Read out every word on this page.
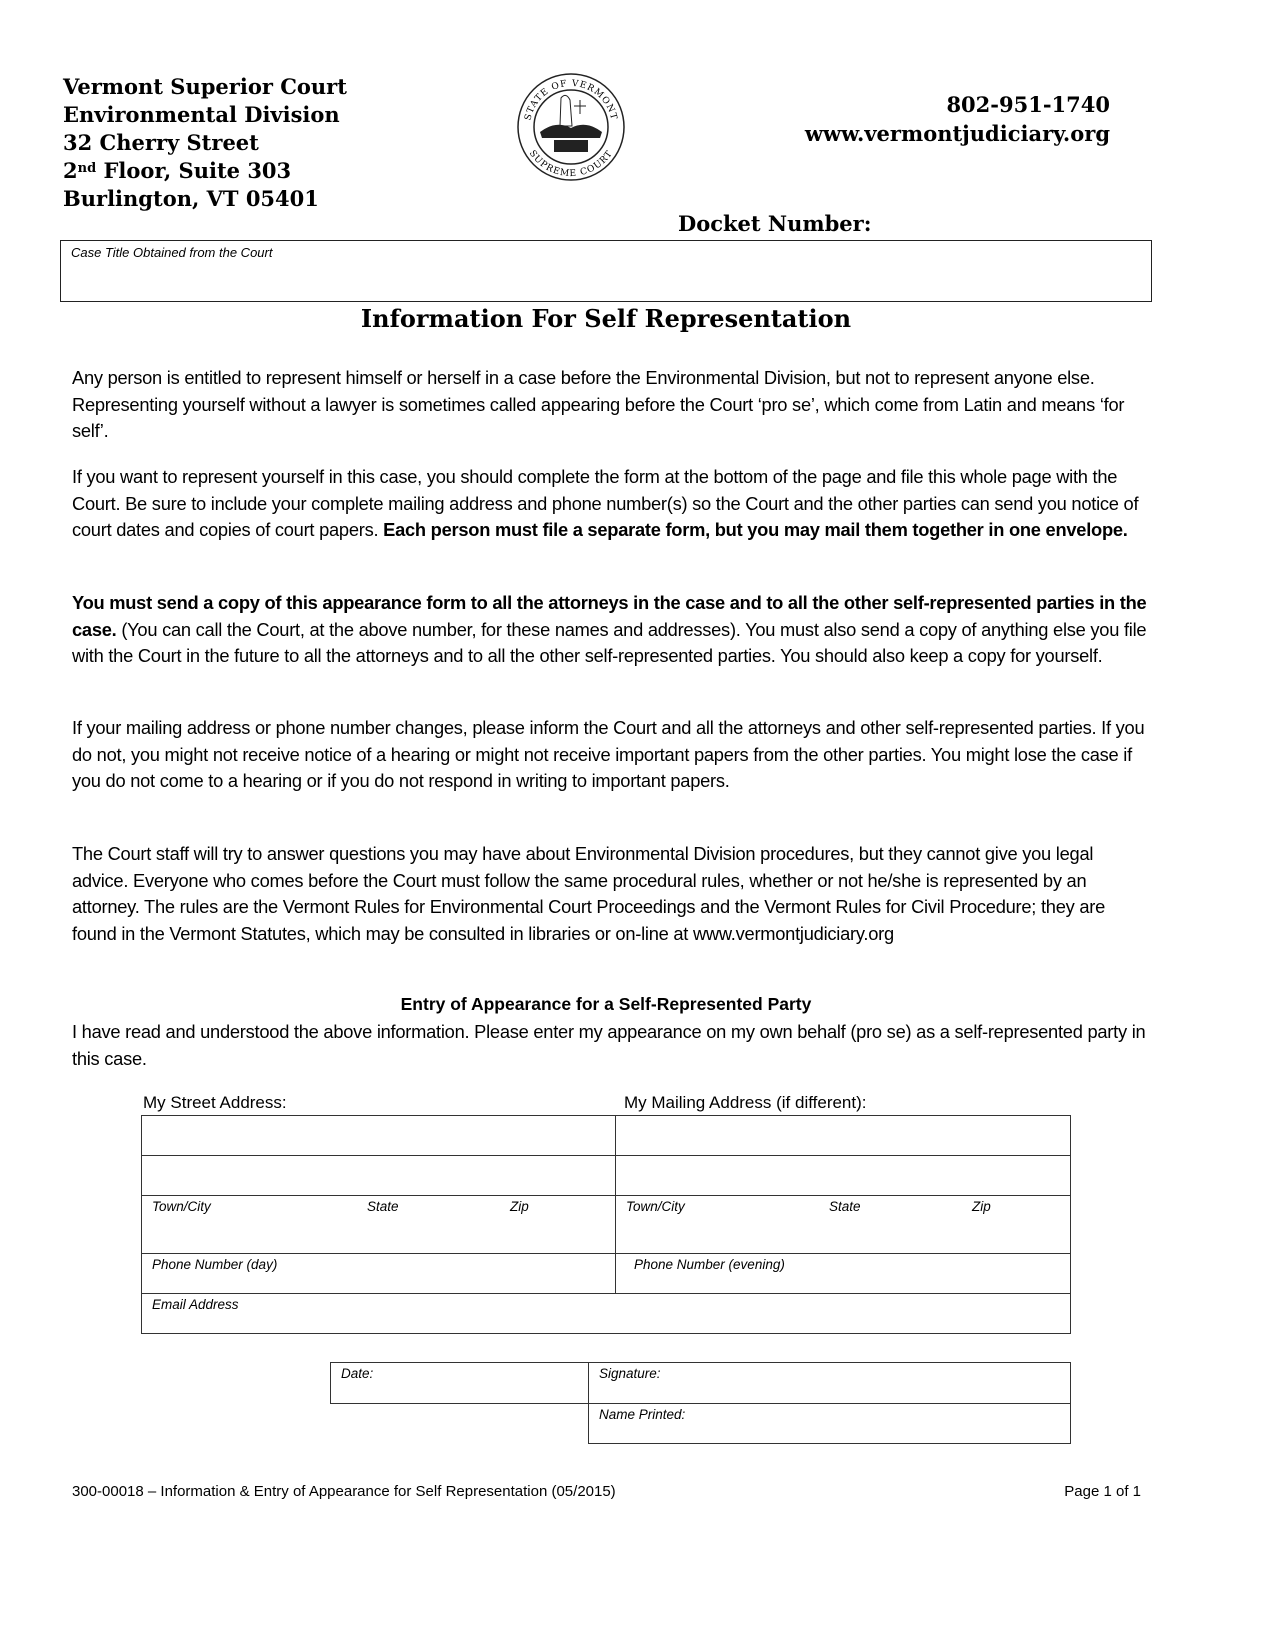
Vermont Superior Court
Environmental Division
32 Cherry Street
2nd Floor, Suite 303
Burlington, VT 05401
STATE OF VERMONT
SUPREME COURT
802-951-1740
www.vermontjudiciary.org
Docket Number:
Case Title Obtained from the Court
Information For Self Representation

Any person is entitled to represent himself or herself in a case before the Environmental Division, but not to represent anyone else. Representing yourself without a lawyer is sometimes called appearing before the Court ‘pro se’, which come from Latin and means ‘for self’.

If you want to represent yourself in this case, you should complete the form at the bottom of the page and file this whole page with the Court. Be sure to include your complete mailing address and phone number(s) so the Court and the other parties can send you notice of court dates and copies of court papers. Each person must file a separate form, but you may mail them together in one envelope.

You must send a copy of this appearance form to all the attorneys in the case and to all the other self-represented parties in the case. (You can call the Court, at the above number, for these names and addresses). You must also send a copy of anything else you file with the Court in the future to all the attorneys and to all the other self-represented parties. You should also keep a copy for yourself.

If your mailing address or phone number changes, please inform the Court and all the attorneys and other self-represented parties. If you do not, you might not receive notice of a hearing or might not receive important papers from the other parties. You might lose the case if you do not come to a hearing or if you do not respond in writing to important papers.

The Court staff will try to answer questions you may have about Environmental Division procedures, but they cannot give you legal advice. Everyone who comes before the Court must follow the same procedural rules, whether or not he/she is represented by an attorney. The rules are the Vermont Rules for Environmental Court Proceedings and the Vermont Rules for Civil Procedure; they are found in the Vermont Statutes, which may be consulted in libraries or on-line at www.vermontjudiciary.org

Entry of Appearance for a Self-Represented Party

I have read and understood the above information. Please enter my appearance on my own behalf (pro se) as a self-represented party in this case.

My Street Address:	My Mailing Address (if different):

Town/City State Zip	Town/City State Zip

Phone Number (day)	Phone Number (evening)
Email Address	
Date:	Signature:
	Name Printed:
300-00018 – Information & Entry of Appearance for Self Representation (05/2015)	Page 1 of 1
